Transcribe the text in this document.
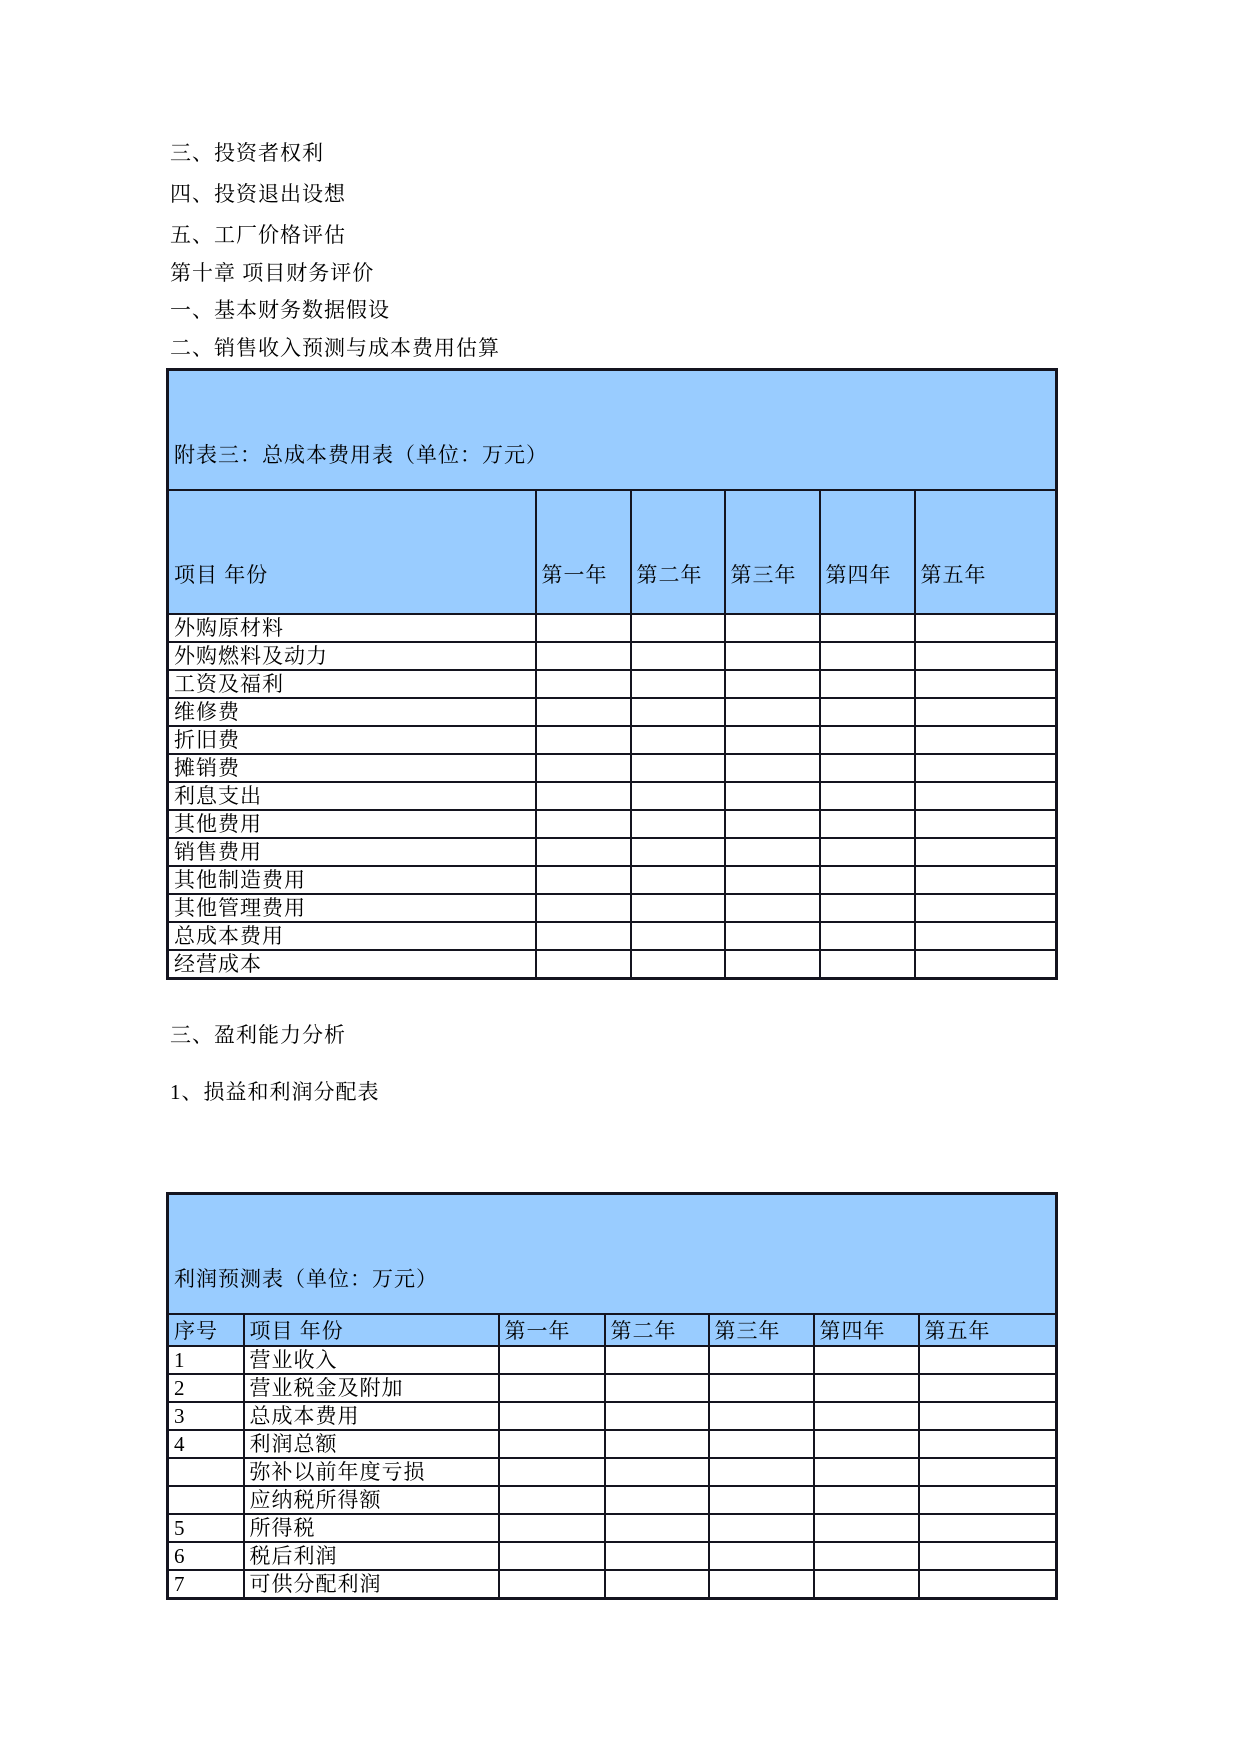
三、投资者权利
四、投资退出设想
五、工厂价格评估
第十章 项目财务评价
一、基本财务数据假设
二、销售收入预测与成本费用估算
附表三：总成本费用表（单位：万元）					
项目 年份	第一年	第二年	第三年	第四年	第五年
外购原材料					
外购燃料及动力					
工资及福利					
维修费					
折旧费					
摊销费					
利息支出					
其他费用					
销售费用					
其他制造费用					
其他管理费用					
总成本费用					
经营成本					
三、盈利能力分析
1、损益和利润分配表
利润预测表（单位：万元）						
序号	项目 年份	第一年	第二年	第三年	第四年	第五年
1	营业收入					
2	营业税金及附加					
3	总成本费用					
4	利润总额					
	弥补以前年度亏损					
	应纳税所得额					
5	所得税					
6	税后利润					
7	可供分配利润					
